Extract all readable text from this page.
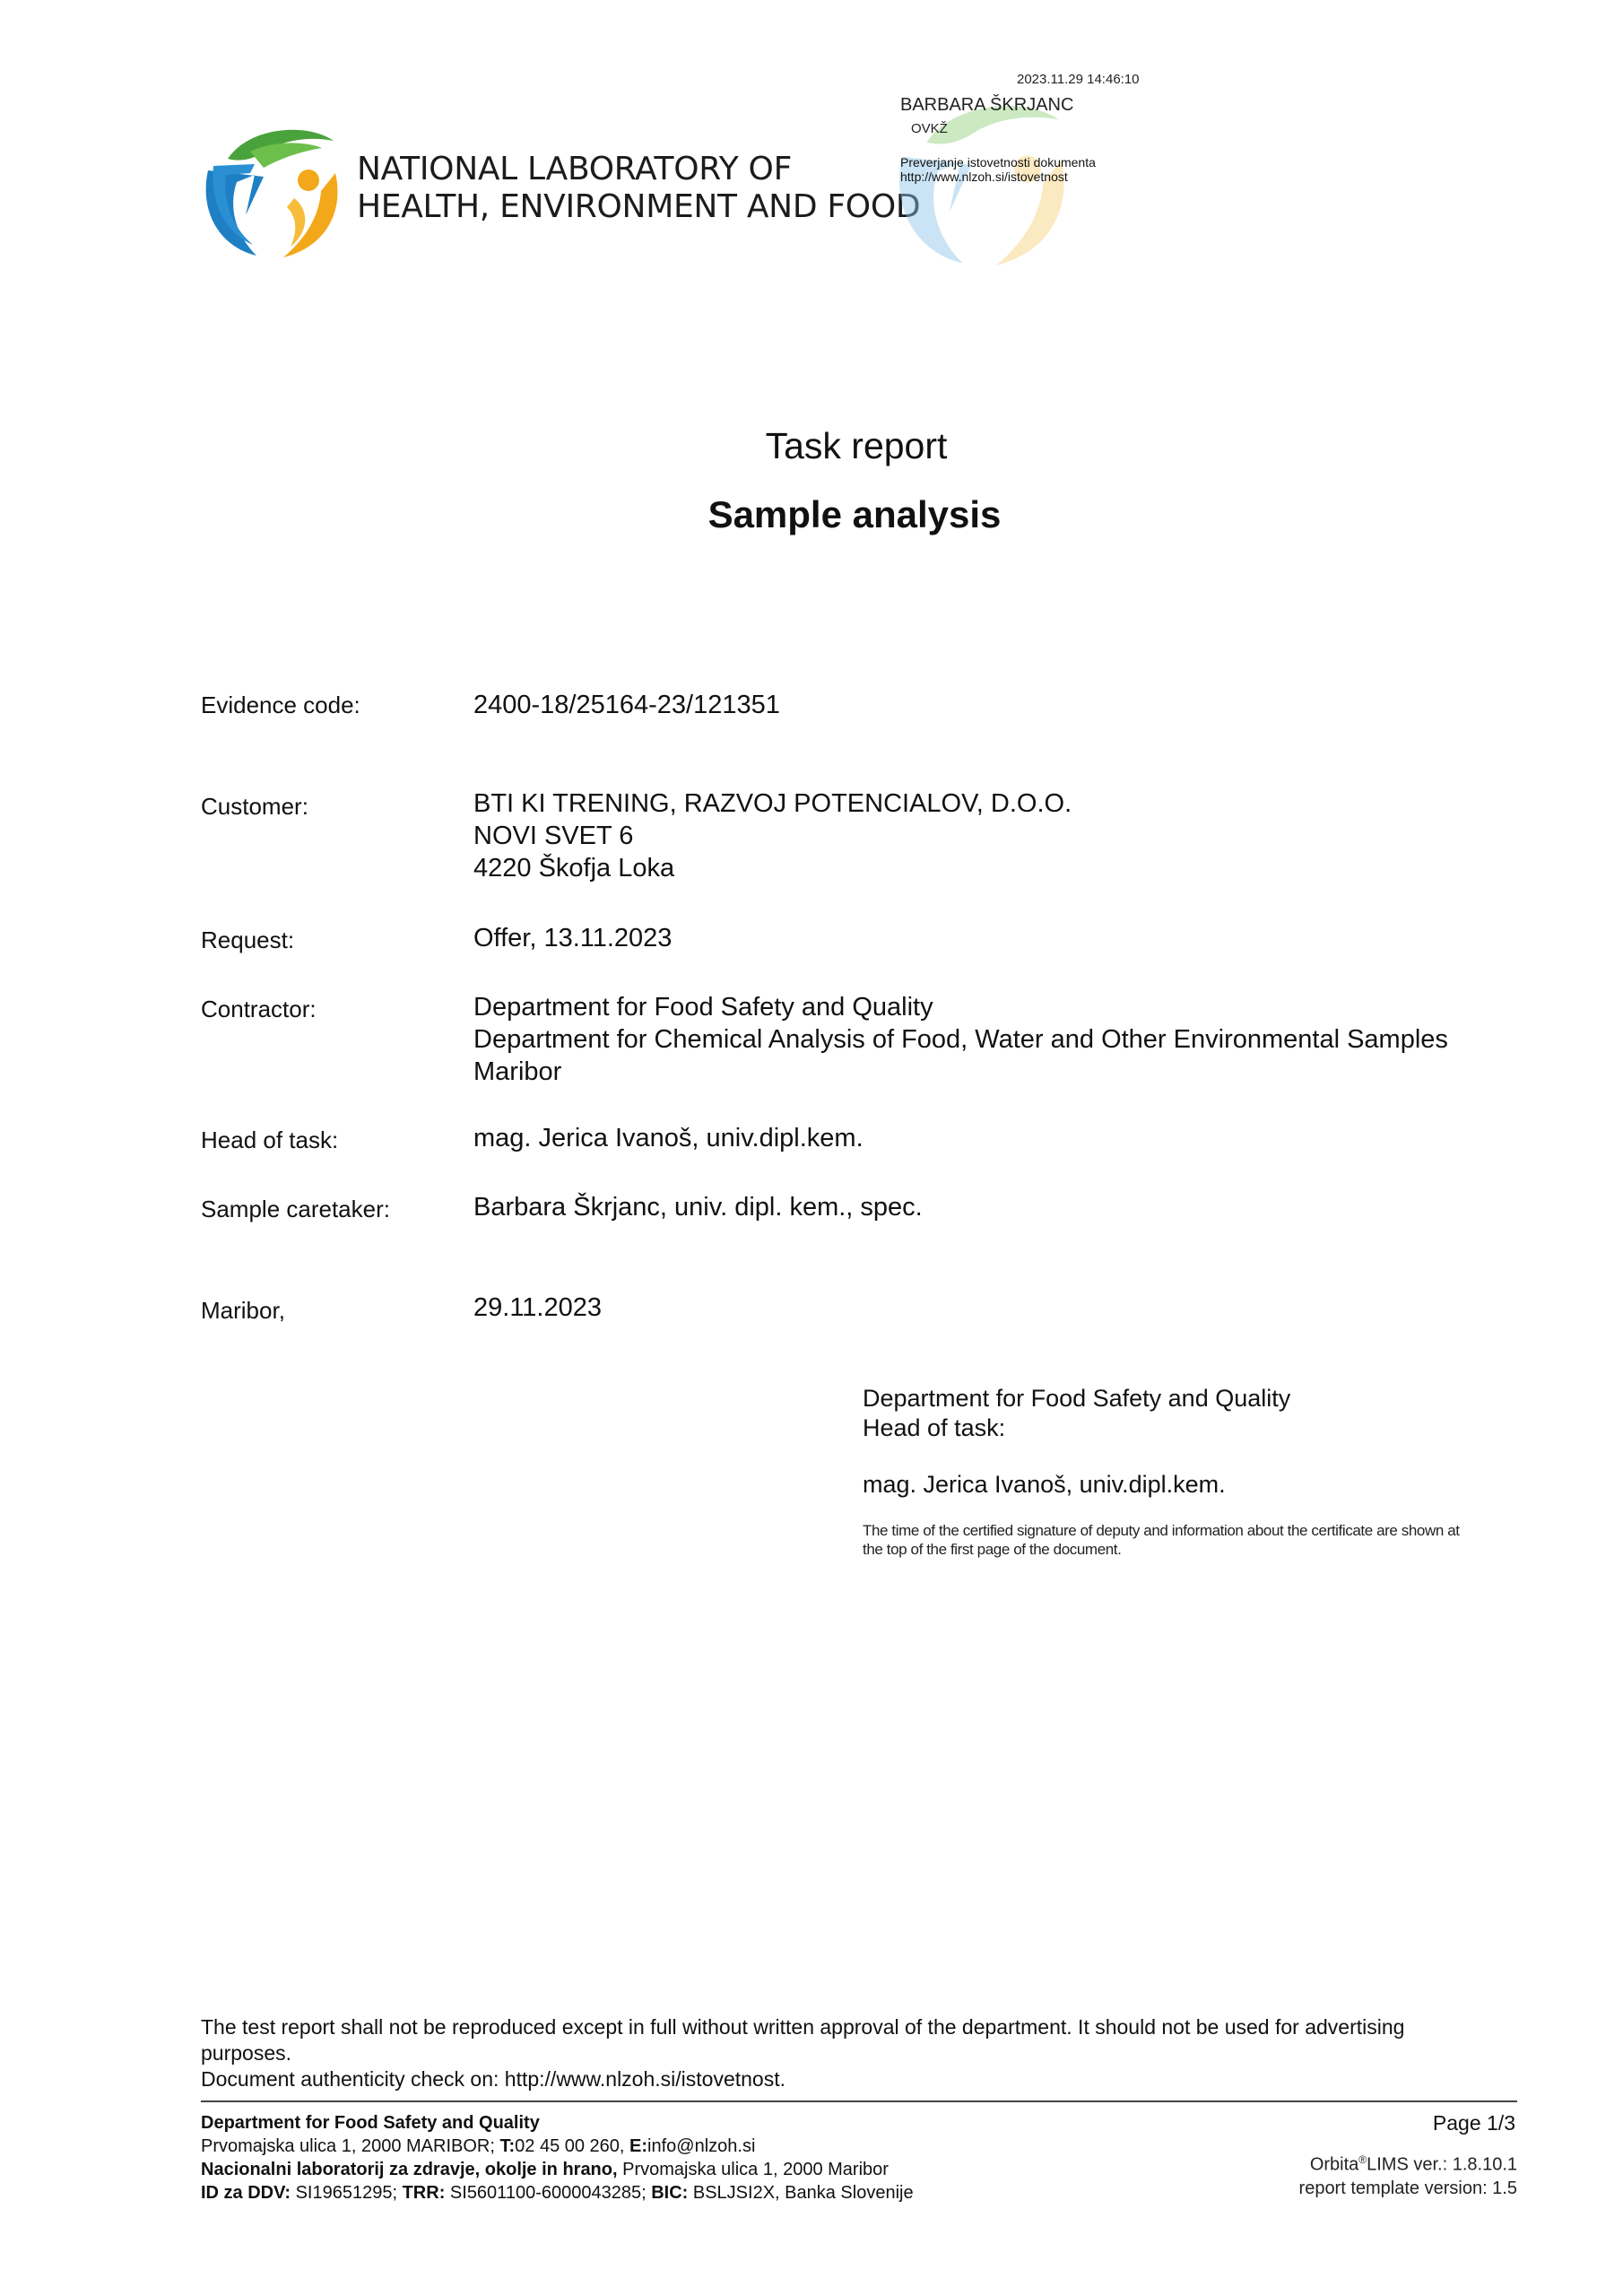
NATIONAL LABORATORY OF
HEALTH, ENVIRONMENT AND FOOD
2023.11.29 14:46:10
BARBARA ŠKRJANC
OVKŽ
Preverjanje istovetnosti dokumenta
http://www.nlzoh.si/istovetnost
Task report
Sample analysis
Evidence code:	2400-18/25164-23/121351
Customer:	BTI KI TRENING, RAZVOJ POTENCIALOV, D.O.O.
NOVI SVET 6
4220 Škofja Loka
Request:	Offer, 13.11.2023
Contractor:	Department for Food Safety and Quality
Department for Chemical Analysis of Food, Water and Other Environmental Samples
Maribor
Head of task:	mag. Jerica Ivanoš, univ.dipl.kem.
Sample caretaker:	Barbara Škrjanc, univ. dipl. kem., spec.
Maribor,	29.11.2023
Department for Food Safety and Quality
Head of task:
mag. Jerica Ivanoš, univ.dipl.kem.
The time of the certified signature of deputy and information about the certificate are shown at
the top of the first page of the document.
The test report shall not be reproduced except in full without written approval of the department. It should not be used for advertising
purposes.
Document authenticity check on: http://www.nlzoh.si/istovetnost.
Department for Food Safety and Quality
Prvomajska ulica 1, 2000 MARIBOR; T:02 45 00 260, E:info@nlzoh.si
Nacionalni laboratorij za zdravje, okolje in hrano, Prvomajska ulica 1, 2000 Maribor
ID za DDV: SI19651295; TRR: SI5601100-6000043285; BIC: BSLJSI2X, Banka Slovenije
Page 1/3
Orbita®LIMS ver.: 1.8.10.1
report template version: 1.5
